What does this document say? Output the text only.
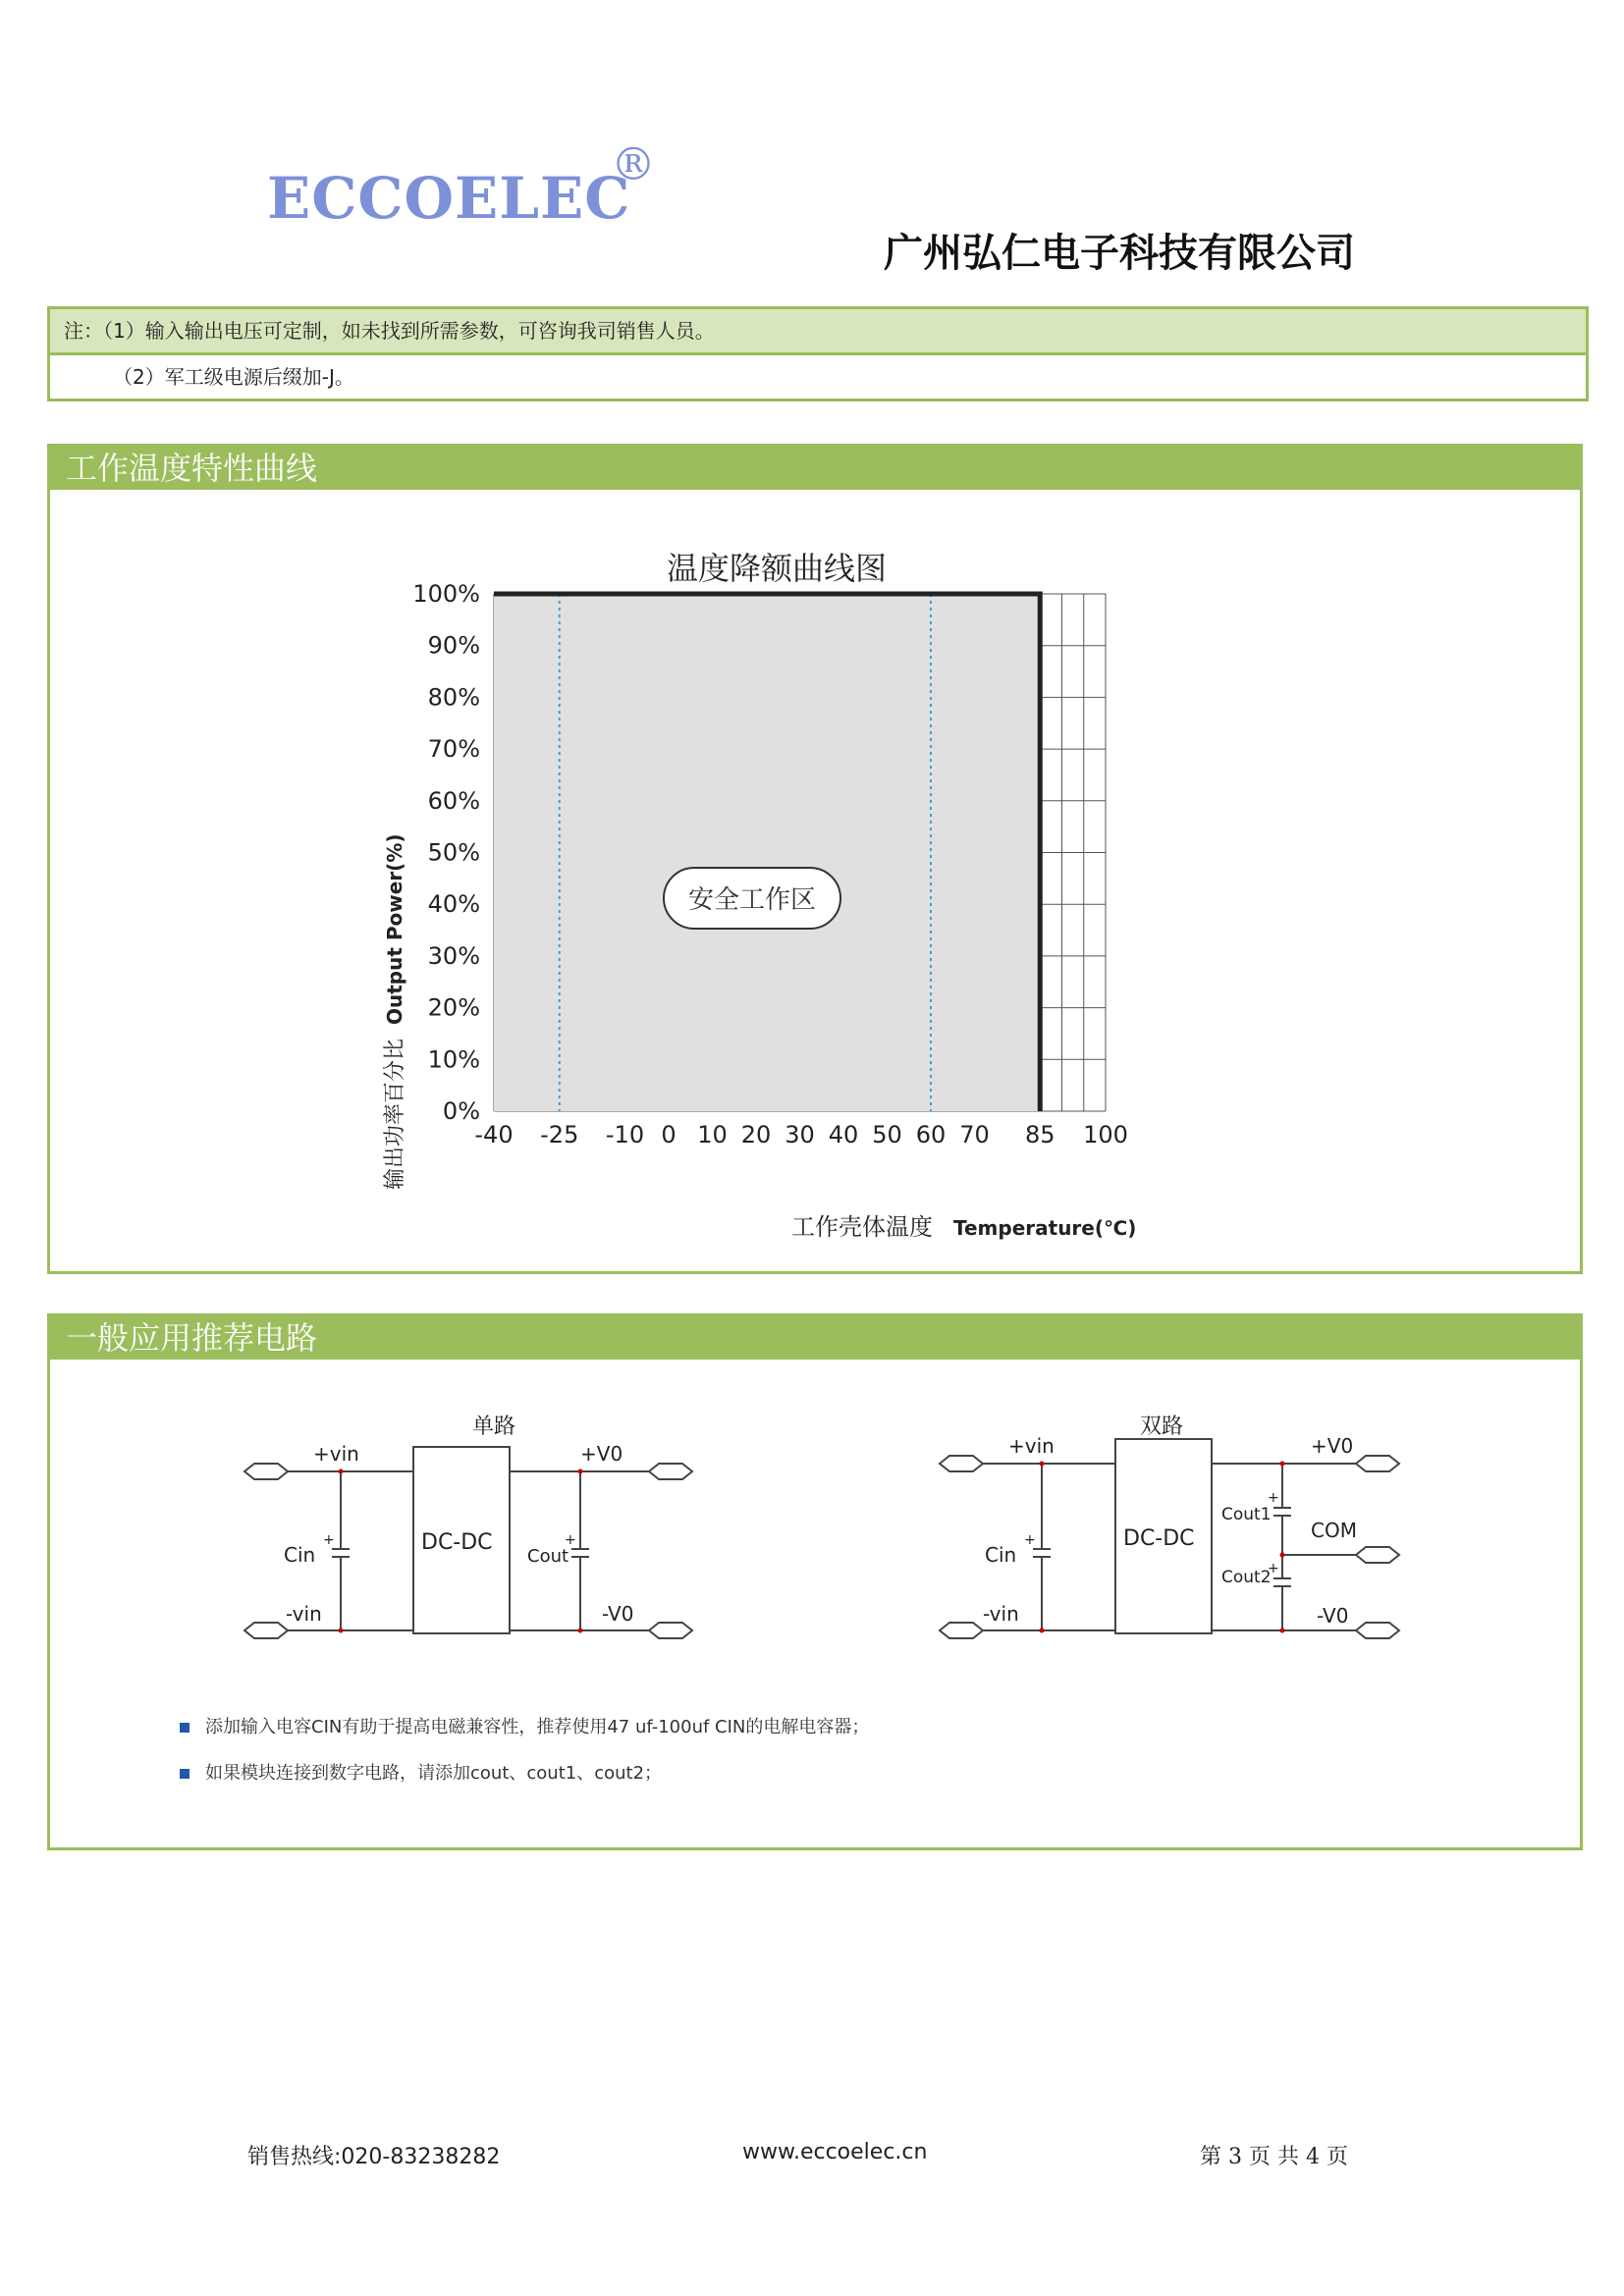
ECCOELEC
®
广州弘仁电子科技有限公司
注：（1）输入输出电压可定制，如未找到所需参数，可咨询我司销售人员。
（2）军工级电源后缀加-J。
工作温度特性曲线
温度降额曲线图
-40 -25 -10 0 10 20 30 40 50 60 70 85 100
0%
10%
20%
30%
40%
50%
60%
70%
80%
90%
100%
安全工作区
输出功率百分比
Output Power(%)
工作壳体温度 Temperature(℃)
一般应用推荐电路
单路
+vin
-vin
Cin
+	DC-DC
Cout
+
+V0
-V0
双路
+vin
-vin
Cin
+	DC-DC
Cout1
+
Cout2
+
COM
+V0
-V0
添加输入电容CIN有助于提高电磁兼容性，推荐使用47 uf-100uf CIN的电解电容器；
如果模块连接到数字电路，请添加cout、cout1、cout2；
销售热线:020-83238282	www.eccoelec.cn	第 3 页 共 4 页
